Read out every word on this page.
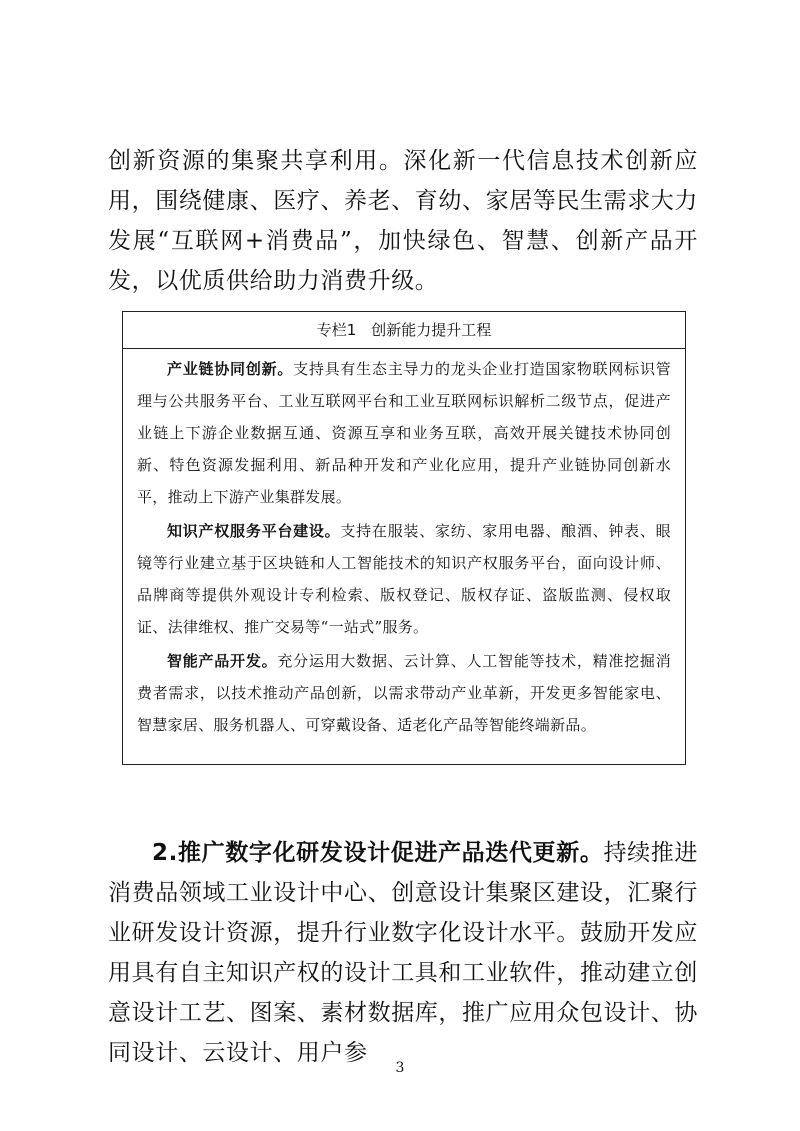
创新资源的集聚共享利用。深化新一代信息技术创新应用，围绕健康、医疗、养老、育幼、家居等民生需求大力发展“互联网+消费品”，加快绿色、智慧、创新产品开发，以优质供给助力消费升级。

专栏1　创新能力提升工程

产业链协同创新。支持具有生态主导力的龙头企业打造国家物联网标识管理与公共服务平台、工业互联网平台和工业互联网标识解析二级节点，促进产业链上下游企业数据互通、资源互享和业务互联，高效开展关键技术协同创新、特色资源发掘利用、新品种开发和产业化应用，提升产业链协同创新水平，推动上下游产业集群发展。

知识产权服务平台建设。支持在服装、家纺、家用电器、酿酒、钟表、眼镜等行业建立基于区块链和人工智能技术的知识产权服务平台，面向设计师、品牌商等提供外观设计专利检索、版权登记、版权存证、盗版监测、侵权取证、法律维权、推广交易等“一站式”服务。

智能产品开发。充分运用大数据、云计算、人工智能等技术，精准挖掘消费者需求，以技术推动产品创新，以需求带动产业革新，开发更多智能家电、智慧家居、服务机器人、可穿戴设备、适老化产品等智能终端新品。

2.推广数字化研发设计促进产品迭代更新。持续推进消费品领域工业设计中心、创意设计集聚区建设，汇聚行业研发设计资源，提升行业数字化设计水平。鼓励开发应用具有自主知识产权的设计工具和工业软件，推动建立创意设计工艺、图案、素材数据库，推广应用众包设计、协同设计、云设计、用户参

3
